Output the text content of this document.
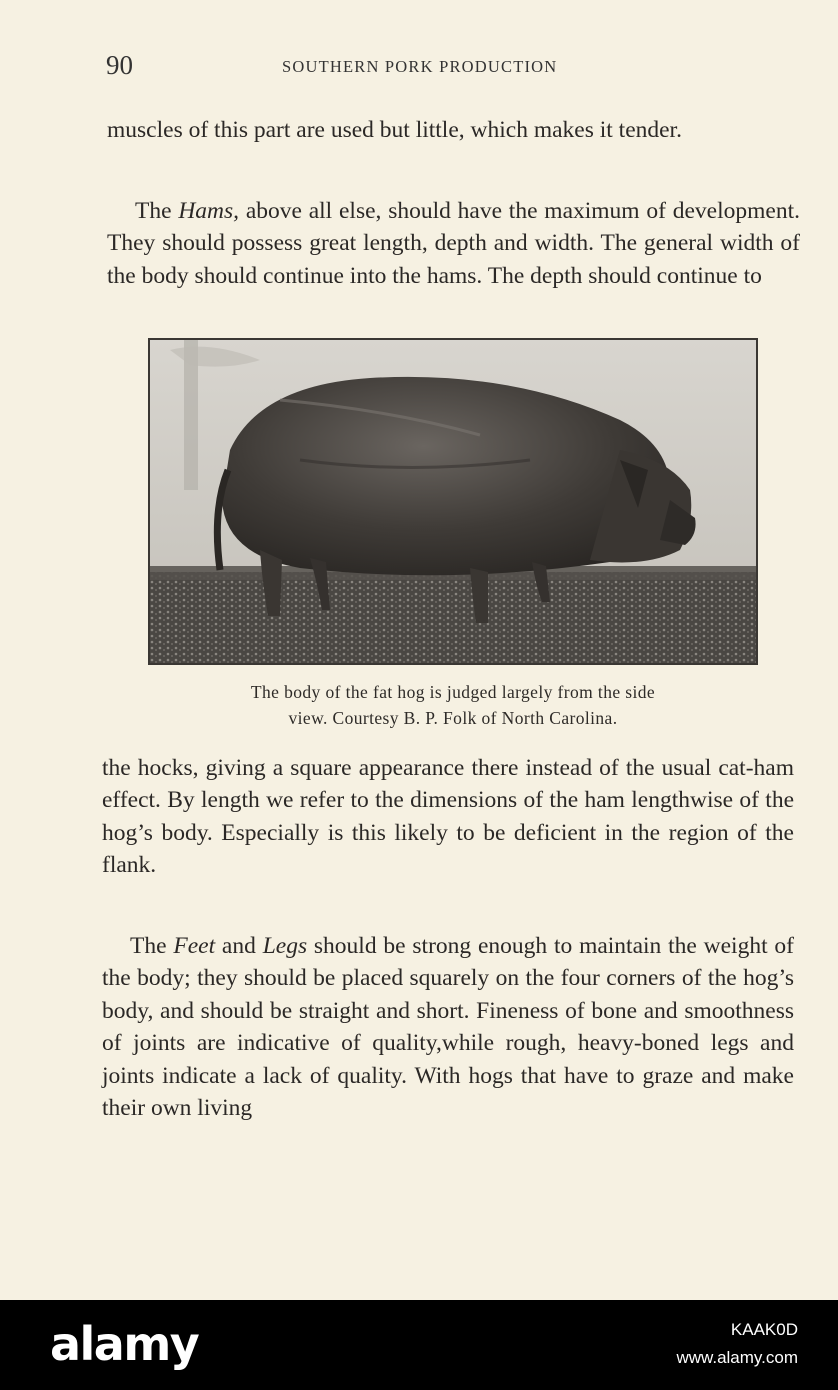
90	SOUTHERN PORK PRODUCTION

muscles of this part are used but little, which makes it tender.

The Hams, above all else, should have the maximum of development. They should possess great length, depth and width. The general width of the body should continue into the hams. The depth should continue to

The body of the fat hog is judged largely from the side
view. Courtesy B. P. Folk of North Carolina.

the hocks, giving a square appearance there instead of the usual cat-ham effect. By length we refer to the dimensions of the ham lengthwise of the hog’s body. Especially is this likely to be deficient in the region of the flank.

The Feet and Legs should be strong enough to maintain the weight of the body; they should be placed squarely on the four corners of the hog’s body, and should be straight and short. Fineness of bone and smoothness of joints are indicative of quality,while rough, heavy-boned legs and joints indicate a lack of quality. With hogs that have to graze and make their own living

alamy	KAAK0D
www.alamy.com
